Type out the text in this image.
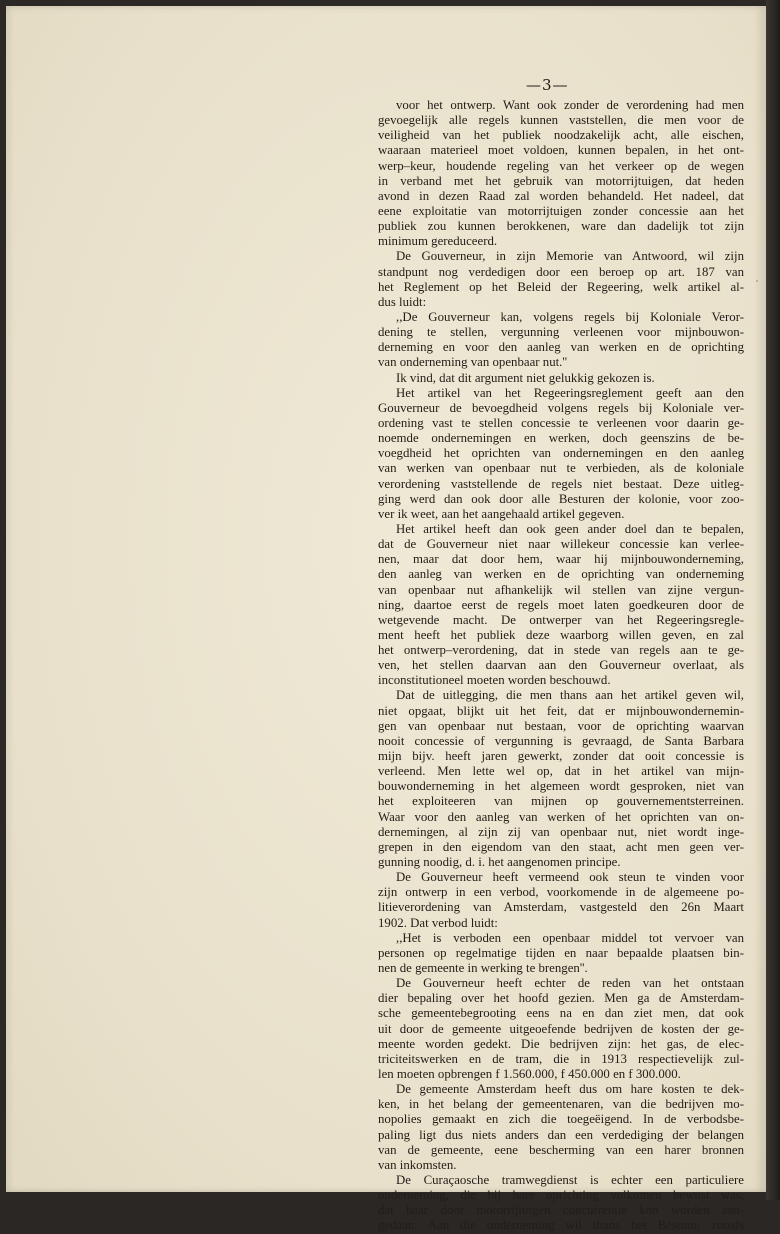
—3—
voor het ontwerp. Want ook zonder de verordening had men
gevoegelijk alle regels kunnen vaststellen, die men voor de
veiligheid van het publiek noodzakelijk acht, alle eischen,
waaraan materieel moet voldoen, kunnen bepalen, in het ont-
werp–keur, houdende regeling van het verkeer op de wegen
in verband met het gebruik van motorrijtuigen, dat heden
avond in dezen Raad zal worden behandeld. Het nadeel, dat
eene exploitatie van motorrijtuigen zonder concessie aan het
publiek zou kunnen berokkenen, ware dan dadelijk tot zijn
minimum gereduceerd.
De Gouverneur, in zijn Memorie van Antwoord, wil zijn
standpunt nog verdedigen door een beroep op art. 187 van
het Reglement op het Beleid der Regeering, welk artikel al-
dus luidt:
,,De Gouverneur kan, volgens regels bij Koloniale Veror-
dening te stellen, vergunning verleenen voor mijnbouwon-
derneming en voor den aanleg van werken en de oprichting
van onderneming van openbaar nut.''
Ik vind, dat dit argument niet gelukkig gekozen is.
Het artikel van het Regeeringsreglement geeft aan den
Gouverneur de bevoegdheid volgens regels bij Koloniale ver-
ordening vast te stellen concessie te verleenen voor daarin ge-
noemde ondernemingen en werken, doch geenszins de be-
voegdheid het oprichten van ondernemingen en den aanleg
van werken van openbaar nut te verbieden, als de koloniale
verordening vaststellende de regels niet bestaat. Deze uitleg-
ging werd dan ook door alle Besturen der kolonie, voor zoo-
ver ik weet, aan het aangehaald artikel gegeven.
Het artikel heeft dan ook geen ander doel dan te bepalen,
dat de Gouverneur niet naar willekeur concessie kan verlee-
nen, maar dat door hem, waar hij mijnbouwonderneming,
den aanleg van werken en de oprichting van onderneming
van openbaar nut afhankelijk wil stellen van zijne vergun-
ning, daartoe eerst de regels moet laten goedkeuren door de
wetgevende macht. De ontwerper van het Regeeringsregle-
ment heeft het publiek deze waarborg willen geven, en zal
het ontwerp–verordening, dat in stede van regels aan te ge-
ven, het stellen daarvan aan den Gouverneur overlaat, als
inconstitutioneel moeten worden beschouwd.
Dat de uitlegging, die men thans aan het artikel geven wil,
niet opgaat, blijkt uit het feit, dat er mijnbouwondernemin-
gen van openbaar nut bestaan, voor de oprichting waarvan
nooit concessie of vergunning is gevraagd, de Santa Barbara
mijn bijv. heeft jaren gewerkt, zonder dat ooit concessie is
verleend. Men lette wel op, dat in het artikel van mijn-
bouwonderneming in het algemeen wordt gesproken, niet van
het exploiteeren van mijnen op gouvernementsterreinen.
Waar voor den aanleg van werken of het oprichten van on-
dernemingen, al zijn zij van openbaar nut, niet wordt inge-
grepen in den eigendom van den staat, acht men geen ver-
gunning noodig, d. i. het aangenomen principe.
De Gouverneur heeft vermeend ook steun te vinden voor
zijn ontwerp in een verbod, voorkomende in de algemeene po-
litieverordening van Amsterdam, vastgesteld den 26n Maart
1902. Dat verbod luidt:
,,Het is verboden een openbaar middel tot vervoer van
personen op regelmatige tijden en naar bepaalde plaatsen bin-
nen de gemeente in werking te brengen''.
De Gouverneur heeft echter de reden van het ontstaan
dier bepaling over het hoofd gezien. Men ga de Amsterdam-
sche gemeentebegrooting eens na en dan ziet men, dat ook
uit door de gemeente uitgeoefende bedrijven de kosten der ge-
meente worden gedekt. Die bedrijven zijn: het gas, de elec-
triciteitswerken en de tram, die in 1913 respectievelijk zul-
len moeten opbrengen f 1.560.000, f 450.000 en f 300.000.
De gemeente Amsterdam heeft dus om hare kosten te dek-
ken, in het belang der gemeentenaren, van die bedrijven mo-
nopolies gemaakt en zich die toegeëigend. In de verbodsbe-
paling ligt dus niets anders dan een verdediging der belangen
van de gemeente, eene bescherming van een harer bronnen
van inkomsten.
De Curaçaosche tramwegdienst is echter een particuliere
onderneming, die bij hare oprichting volkomen bewust was,
dat haar door motorrijtuigen concurrentie kon worden aan-
gedaan. Aan die onderneming wil thans het Bestuur, zooals
